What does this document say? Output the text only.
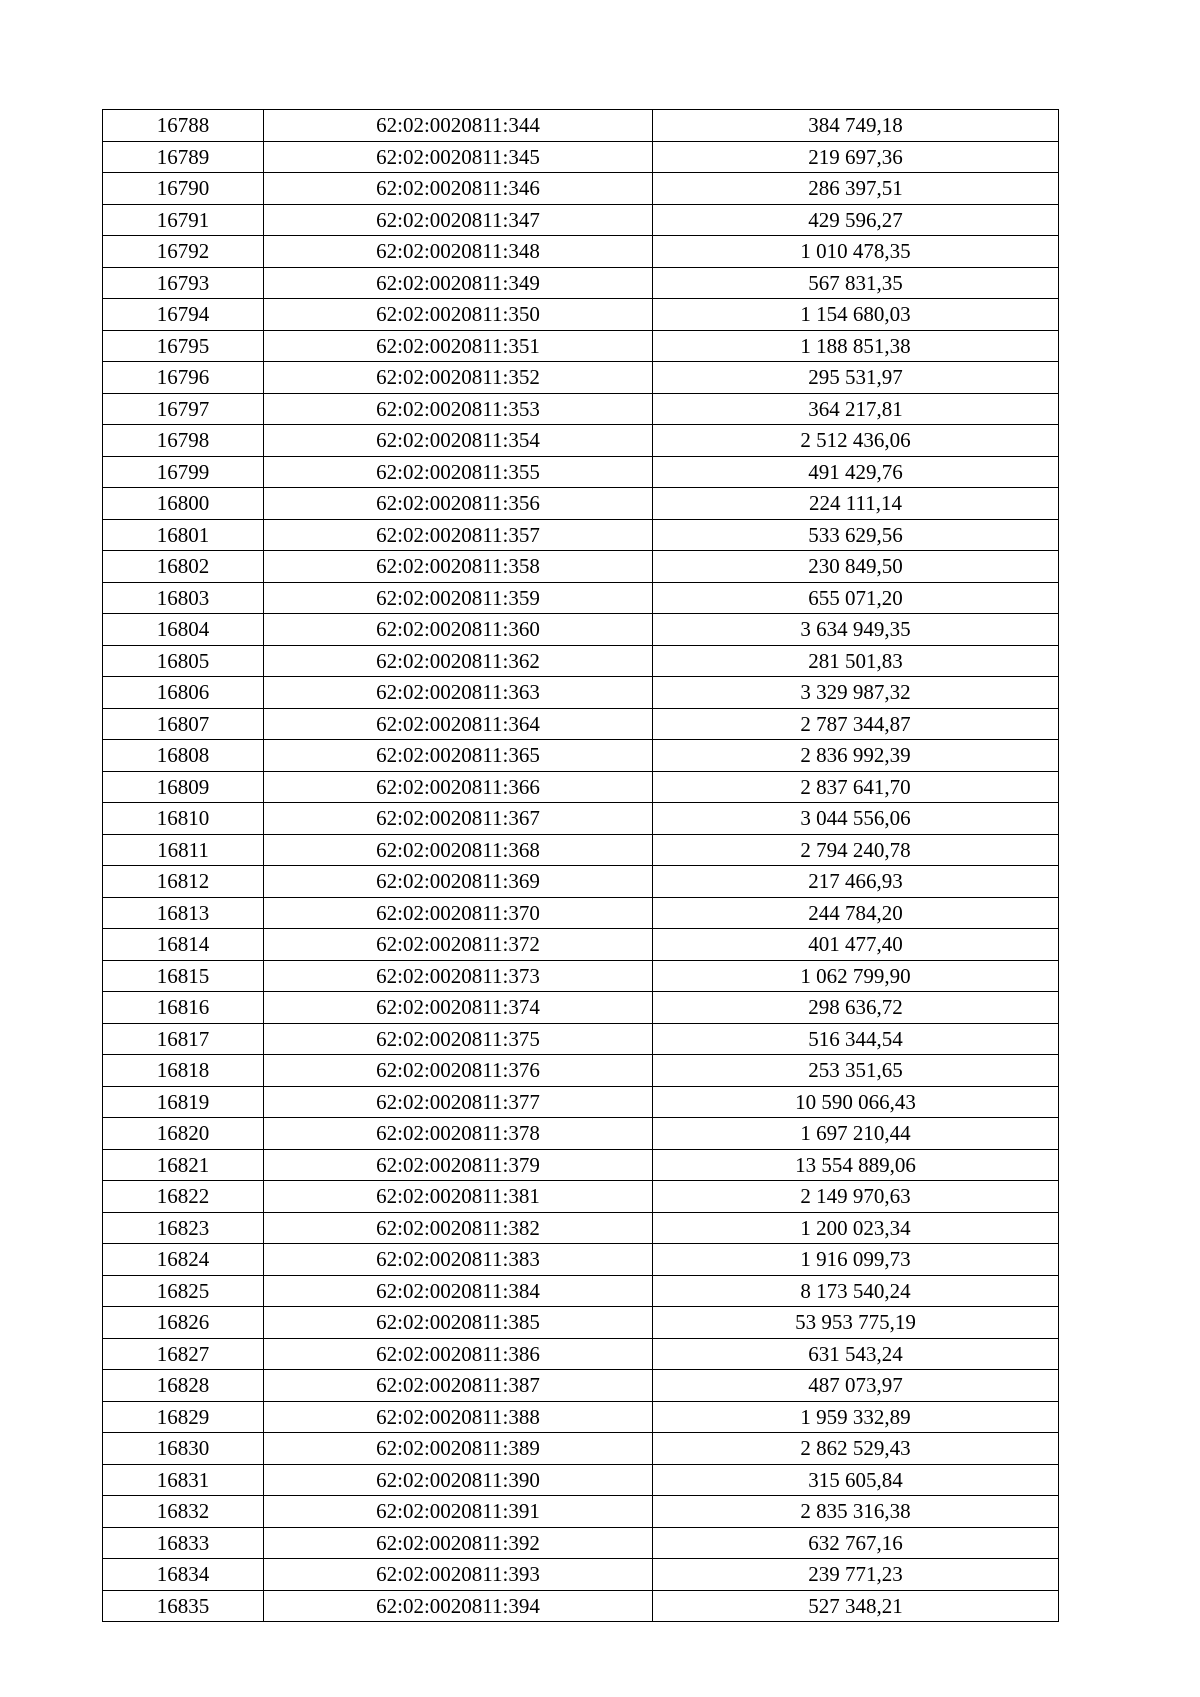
16788	62:02:0020811:344	384 749,18
16789	62:02:0020811:345	219 697,36
16790	62:02:0020811:346	286 397,51
16791	62:02:0020811:347	429 596,27
16792	62:02:0020811:348	1 010 478,35
16793	62:02:0020811:349	567 831,35
16794	62:02:0020811:350	1 154 680,03
16795	62:02:0020811:351	1 188 851,38
16796	62:02:0020811:352	295 531,97
16797	62:02:0020811:353	364 217,81
16798	62:02:0020811:354	2 512 436,06
16799	62:02:0020811:355	491 429,76
16800	62:02:0020811:356	224 111,14
16801	62:02:0020811:357	533 629,56
16802	62:02:0020811:358	230 849,50
16803	62:02:0020811:359	655 071,20
16804	62:02:0020811:360	3 634 949,35
16805	62:02:0020811:362	281 501,83
16806	62:02:0020811:363	3 329 987,32
16807	62:02:0020811:364	2 787 344,87
16808	62:02:0020811:365	2 836 992,39
16809	62:02:0020811:366	2 837 641,70
16810	62:02:0020811:367	3 044 556,06
16811	62:02:0020811:368	2 794 240,78
16812	62:02:0020811:369	217 466,93
16813	62:02:0020811:370	244 784,20
16814	62:02:0020811:372	401 477,40
16815	62:02:0020811:373	1 062 799,90
16816	62:02:0020811:374	298 636,72
16817	62:02:0020811:375	516 344,54
16818	62:02:0020811:376	253 351,65
16819	62:02:0020811:377	10 590 066,43
16820	62:02:0020811:378	1 697 210,44
16821	62:02:0020811:379	13 554 889,06
16822	62:02:0020811:381	2 149 970,63
16823	62:02:0020811:382	1 200 023,34
16824	62:02:0020811:383	1 916 099,73
16825	62:02:0020811:384	8 173 540,24
16826	62:02:0020811:385	53 953 775,19
16827	62:02:0020811:386	631 543,24
16828	62:02:0020811:387	487 073,97
16829	62:02:0020811:388	1 959 332,89
16830	62:02:0020811:389	2 862 529,43
16831	62:02:0020811:390	315 605,84
16832	62:02:0020811:391	2 835 316,38
16833	62:02:0020811:392	632 767,16
16834	62:02:0020811:393	239 771,23
16835	62:02:0020811:394	527 348,21
